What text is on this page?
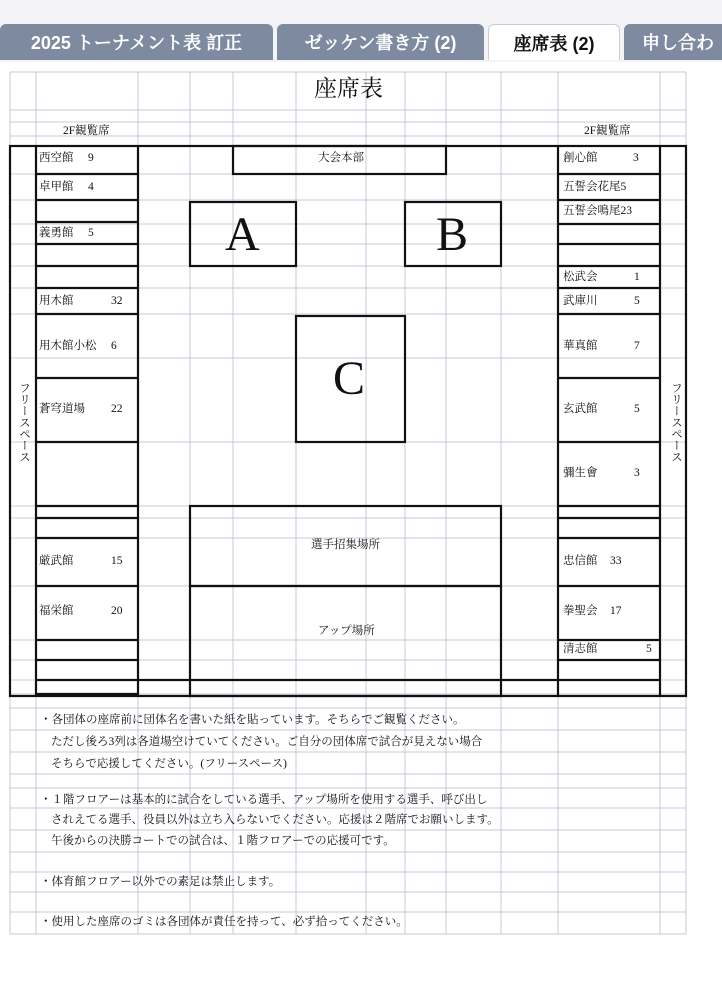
2025 トーナメント表 訂正	ゼッケン書き方 (2)	座席表 (2)	申し合わ
座席表
2F観覧席	2F観覧席
大会本部
A	B
C
選手招集場所
アップ場所
フリースペース	フリースペース
西空館 9
卓甲館 4
義勇館 5
用木館	32
用木館小松 6
蒼穹道場 22
厳武館	15
福栄館	20
創心館	3
五誓会花尾5
五誓会鳴尾23
松武会	1
武庫川	5
華真館	7
玄武館	5
彌生會	3
忠信館 33
拳聖会 17
清志館	5
・各団体の座席前に団体名を書いた紙を貼っています。そちらでご観覧ください。
ただし後ろ3列は各道場空けていてください。ご自分の団体席で試合が見えない場合
そちらで応援してください。(フリースペース)
・１階フロアーは基本的に試合をしている選手、アップ場所を使用する選手、呼び出し
されえてる選手、役員以外は立ち入らないでください。応援は２階席でお願いします。
午後からの決勝コートでの試合は、１階フロアーでの応援可です。
・体育館フロアー以外での素足は禁止します。
・使用した座席のゴミは各団体が責任を持って、必ず拾ってください。
